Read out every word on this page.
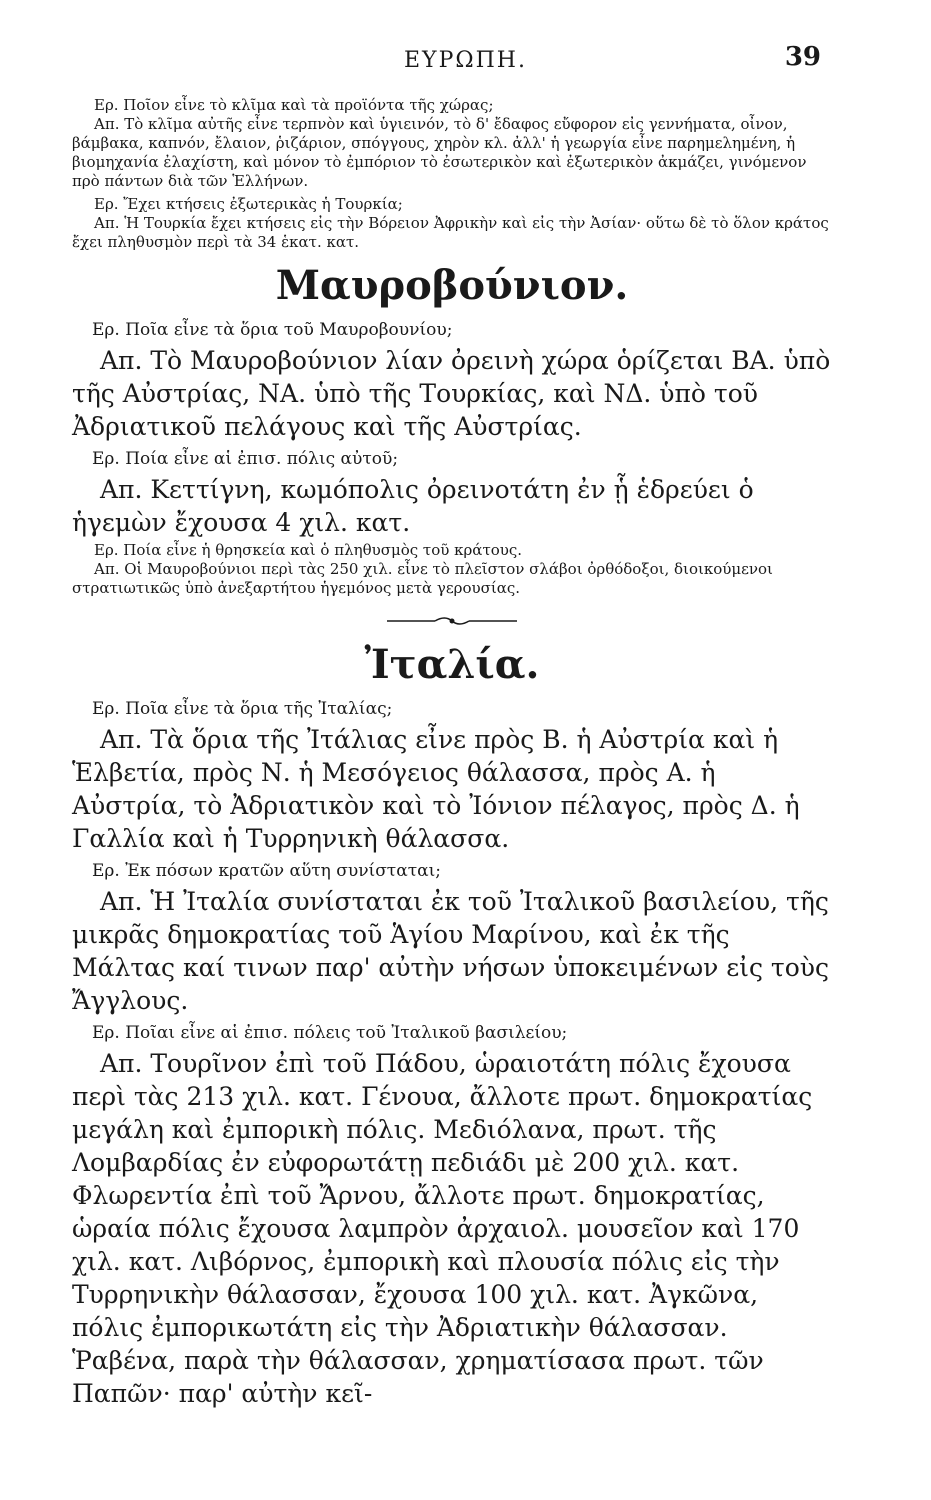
ΕΥΡΩΠΗ.	39

Ερ. Ποῖον εἶνε τὸ κλῖμα καὶ τὰ προϊόντα τῆς χώρας;

Απ. Τὸ κλῖμα αὐτῆς εἶνε τερπνὸν καὶ ὑγιεινόν, τὸ δ' ἔδαφος εὔφορον εἰς γεννήματα, οἶνον, βάμβακα, καπνόν, ἔλαιον, ῥιζάριον, σπόγγους, χηρὸν κλ. ἀλλ' ἡ γεωργία εἶνε παρημελημένη, ἡ βιομηχανία ἐλαχίστη, καὶ μόνον τὸ ἐμπόριον τὸ ἐσωτερικὸν καὶ ἐξωτερικὸν ἀκμάζει, γινόμενον πρὸ πάντων διὰ τῶν Ἑλλήνων.

Ερ. Ἔχει κτήσεις ἐξωτερικὰς ἡ Τουρκία;

Απ. Ἡ Τουρκία ἔχει κτήσεις εἰς τὴν Βόρειον Ἀφρικὴν καὶ εἰς τὴν Ἀσίαν· οὕτω δὲ τὸ ὅλον κράτος ἔχει πληθυσμὸν περὶ τὰ 34 ἑκατ. κατ.

Μαυροβούνιον.

Ερ. Ποῖα εἶνε τὰ ὅρια τοῦ Μαυροβουνίου;

Απ. Τὸ Μαυροβούνιον λίαν ὀρεινὴ χώρα ὁρίζεται ΒΑ. ὑπὸ τῆς Αὐστρίας, ΝΑ. ὑπὸ τῆς Τουρκίας, καὶ ΝΔ. ὑπὸ τοῦ Ἀδριατικοῦ πελάγους καὶ τῆς Αὐστρίας.

Ερ. Ποία εἶνε αἱ ἐπισ. πόλις αὐτοῦ;

Απ. Κεττίγνη, κωμόπολις ὀρεινοτάτη ἐν ᾗ ἑδρεύει ὁ ἡγεμὼν ἔχουσα 4 χιλ. κατ.

Ερ. Ποία εἶνε ἡ θρησκεία καὶ ὁ πληθυσμὸς τοῦ κράτους.

Απ. Οἱ Μαυροβούνιοι περὶ τὰς 250 χιλ. εἶνε τὸ πλεῖστον σλάβοι ὀρθόδοξοι, διοικούμενοι στρατιωτικῶς ὑπὸ ἀνεξαρτήτου ἡγεμόνος μετὰ γερουσίας.

Ἰταλία.

Ερ. Ποῖα εἶνε τὰ ὅρια τῆς Ἰταλίας;

Απ. Τὰ ὅρια τῆς Ἰτάλιας εἶνε πρὸς Β. ἡ Αὐστρία καὶ ἡ Ἑλβετία, πρὸς Ν. ἡ Μεσόγειος θάλασσα, πρὸς Α. ἡ Αὐστρία, τὸ Ἀδριατικὸν καὶ τὸ Ἰόνιον πέλαγος, πρὸς Δ. ἡ Γαλλία καὶ ἡ Τυρρηνικὴ θάλασσα.

Ερ. Ἐκ πόσων κρατῶν αὕτη συνίσταται;

Απ. Ἡ Ἰταλία συνίσταται ἐκ τοῦ Ἰταλικοῦ βασιλείου, τῆς μικρᾶς δημοκρατίας τοῦ Ἁγίου Μαρίνου, καὶ ἐκ τῆς Μάλτας καί τινων παρ' αὐτὴν νήσων ὑποκειμένων εἰς τοὺς Ἄγγλους.

Ερ. Ποῖαι εἶνε αἱ ἐπισ. πόλεις τοῦ Ἰταλικοῦ βασιλείου;

Απ. Τουρῖνον ἐπὶ τοῦ Πάδου, ὡραιοτάτη πόλις ἔχουσα περὶ τὰς 213 χιλ. κατ. Γένουα, ἄλλοτε πρωτ. δημοκρατίας μεγάλη καὶ ἐμπορικὴ πόλις. Μεδιόλανα, πρωτ. τῆς Λομβαρδίας ἐν εὐφορωτάτῃ πεδιάδι μὲ 200 χιλ. κατ. Φλωρεντία ἐπὶ τοῦ Ἄρνου, ἄλλοτε πρωτ. δημοκρατίας, ὡραία πόλις ἔχουσα λαμπρὸν ἀρχαιολ. μουσεῖον καὶ 170 χιλ. κατ. Λιβόρνος, ἐμπορικὴ καὶ πλουσία πόλις εἰς τὴν Τυρρηνικὴν θάλασσαν, ἔχουσα 100 χιλ. κατ. Ἀγκῶνα, πόλις ἐμπορικωτάτη εἰς τὴν Ἀδριατικὴν θάλασσαν. Ῥαβένα, παρὰ τὴν θάλασσαν, χρηματίσασα πρωτ. τῶν Παπῶν· παρ' αὐτὴν κεῖ-
